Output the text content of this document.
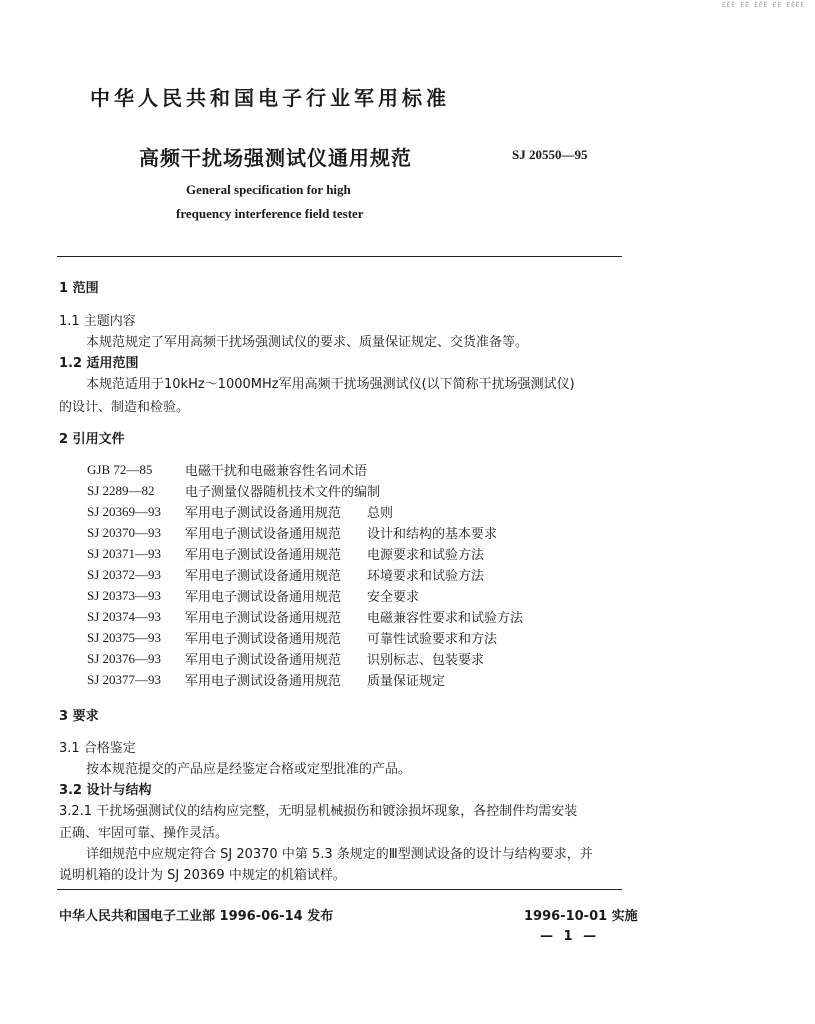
ЁЁЁ ЁЁ ЁЁЁ ЁЁ ЁЁЁЁ
中华人民共和国电子行业军用标准
高频干扰场强测试仪通用规范	SJ 20550—95
General specification for high
frequency interference field tester
1 范围
1.1 主题内容
本规范规定了军用高频干扰场强测试仪的要求、质量保证规定、交货准备等。
1.2 适用范围
本规范适用于10kHz～1000MHz军用高频干扰场强测试仪(以下简称干扰场强测试仪)
的设计、制造和检验。
2 引用文件
GJB 72—85	电磁干扰和电磁兼容性名词术语
SJ 2289—82	电子测量仪器随机技术文件的编制
SJ 20369—93	军用电子测试设备通用规范	总则
SJ 20370—93	军用电子测试设备通用规范	设计和结构的基本要求
SJ 20371—93	军用电子测试设备通用规范	电源要求和试验方法
SJ 20372—93	军用电子测试设备通用规范	环境要求和试验方法
SJ 20373—93	军用电子测试设备通用规范	安全要求
SJ 20374—93	军用电子测试设备通用规范	电磁兼容性要求和试验方法
SJ 20375—93	军用电子测试设备通用规范	可靠性试验要求和方法
SJ 20376—93	军用电子测试设备通用规范	识别标志、包装要求
SJ 20377—93	军用电子测试设备通用规范	质量保证规定
3 要求
3.1 合格鉴定
按本规范提交的产品应是经鉴定合格或定型批准的产品。
3.2 设计与结构
3.2.1 干扰场强测试仪的结构应完整，无明显机械损伤和镀涂损坏现象，各控制件均需安装
正确、牢固可靠、操作灵活。
详细规范中应规定符合 SJ 20370 中第 5.3 条规定的Ⅲ型测试设备的设计与结构要求，并
说明机箱的设计为 SJ 20369 中规定的机箱试样。
中华人民共和国电子工业部 1996-06-14 发布	1996-10-01 实施
— 1 —
